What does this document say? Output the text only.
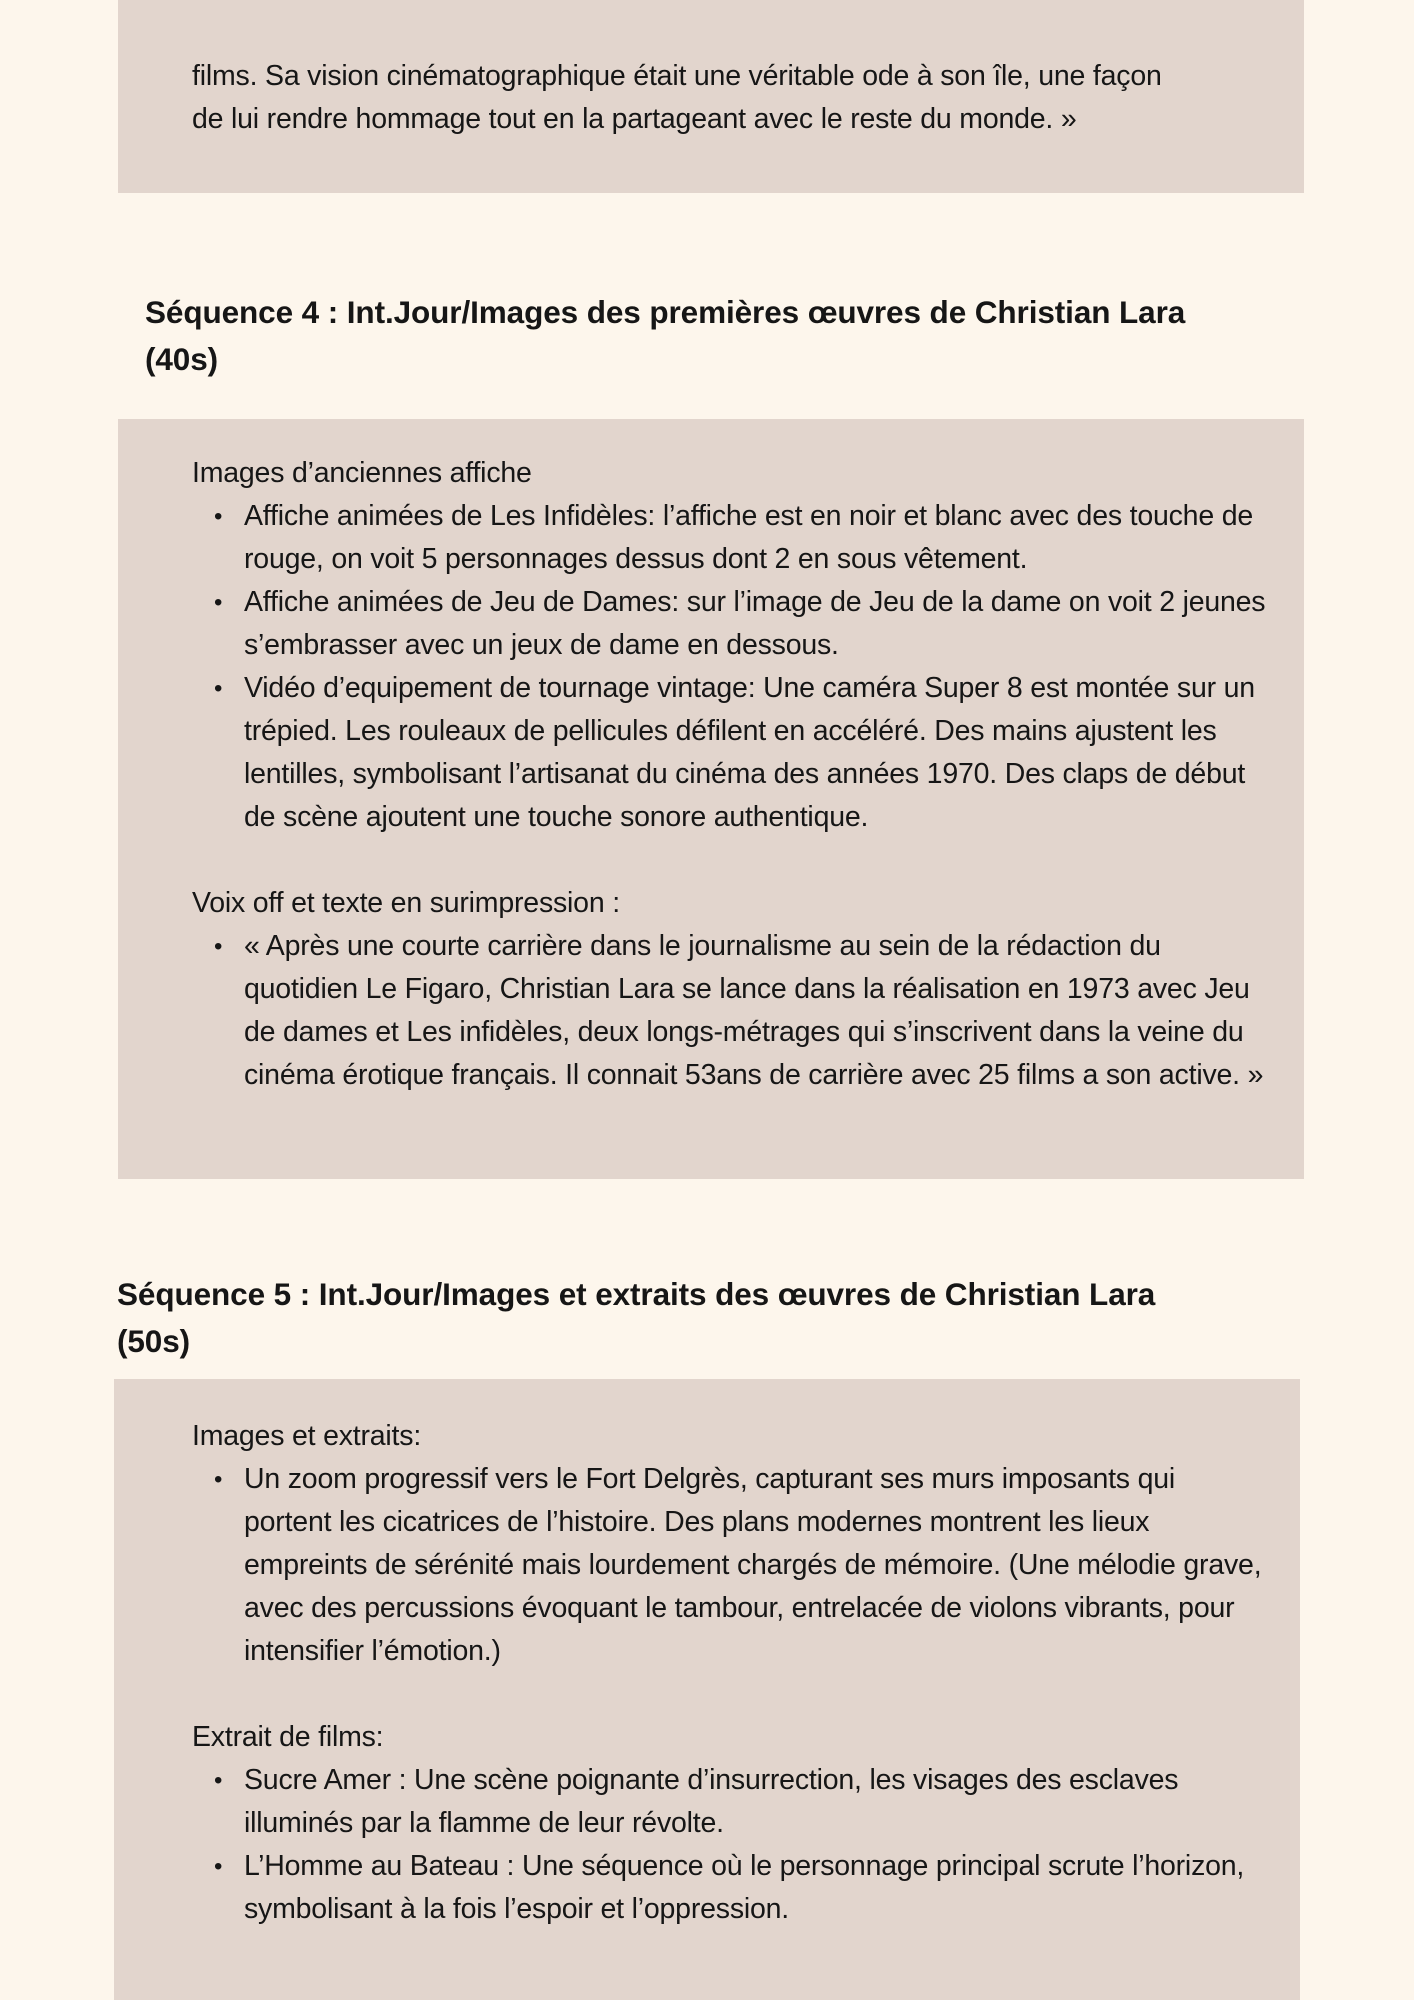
films. Sa vision cinématographique était une véritable ode à son île, une façon

de lui rendre hommage tout en la partageant avec le reste du monde. »

Séquence 4 : Int.Jour/Images des premières œuvres de Christian Lara
(40s)

Images d’anciennes affiche

• Affiche animées de Les Infidèles: l’affiche est en noir et blanc avec des touche de rouge, on voit 5 personnages dessus dont 2 en sous vêtement.
• Affiche animées de Jeu de Dames: sur l’image de Jeu de la dame on voit 2 jeunes s’embrasser avec un jeux de dame en dessous.
• Vidéo d’equipement de tournage vintage: Une caméra Super 8 est montée sur un trépied. Les rouleaux de pellicules défilent en accéléré. Des mains ajustent les lentilles, symbolisant l’artisanat du cinéma des années 1970. Des claps de début de scène ajoutent une touche sonore authentique.

Voix off et texte en surimpression :

• « Après une courte carrière dans le journalisme au sein de la rédaction du quotidien Le Figaro, Christian Lara se lance dans la réalisation en 1973 avec Jeu de dames et Les infidèles, deux longs-métrages qui s’inscrivent dans la veine du cinéma érotique français. Il connait 53ans de carrière avec 25 films a son active. »
Séquence 5 : Int.Jour/Images et extraits des œuvres de Christian Lara
(50s)

Images et extraits:

• Un zoom progressif vers le Fort Delgrès, capturant ses murs imposants qui portent les cicatrices de l’histoire. Des plans modernes montrent les lieux empreints de sérénité mais lourdement chargés de mémoire. (Une mélodie grave, avec des percussions évoquant le tambour, entrelacée de violons vibrants, pour intensifier l’émotion.)

Extrait de films:

• Sucre Amer : Une scène poignante d’insurrection, les visages des esclaves illuminés par la flamme de leur révolte.
• L’Homme au Bateau : Une séquence où le personnage principal scrute l’horizon, symbolisant à la fois l’espoir et l’oppression.
